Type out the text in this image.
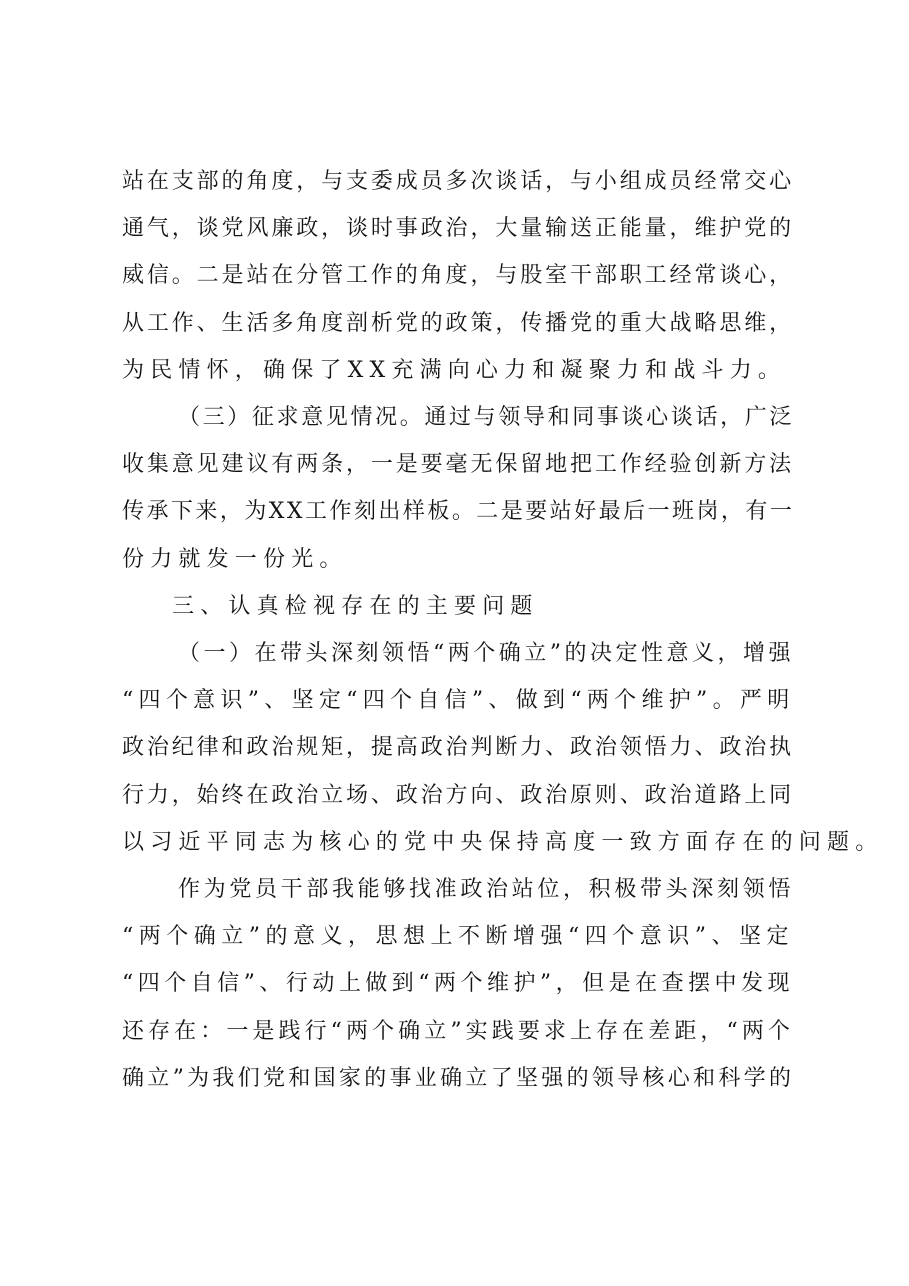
站在支部的角度，与支委成员多次谈话，与小组成员经常交心
通气，谈党风廉政，谈时事政治，大量输送正能量，维护党的
威信。二是站在分管工作的角度，与股室干部职工经常谈心，
从工作、生活多角度剖析党的政策，传播党的重大战略思维，
为民情怀，确保了XX充满向心力和凝聚力和战斗力。
（三）征求意见情况。通过与领导和同事谈心谈话，广泛
收集意见建议有两条，一是要毫无保留地把工作经验创新方法
传承下来，为XX工作刻出样板。二是要站好最后一班岗，有一
份力就发一份光。
三、认真检视存在的主要问题
（一）在带头深刻领悟“两个确立”的决定性意义，增强
“四个意识”、坚定“四个自信”、做到“两个维护”。严明
政治纪律和政治规矩，提高政治判断力、政治领悟力、政治执
行力，始终在政治立场、政治方向、政治原则、政治道路上同
以习近平同志为核心的党中央保持高度一致方面存在的问题。
作为党员干部我能够找准政治站位，积极带头深刻领悟
“两个确立”的意义，思想上不断增强“四个意识”、坚定
“四个自信”、行动上做到“两个维护”，但是在查摆中发现
还存在：一是践行“两个确立”实践要求上存在差距，“两个
确立”为我们党和国家的事业确立了坚强的领导核心和科学的
